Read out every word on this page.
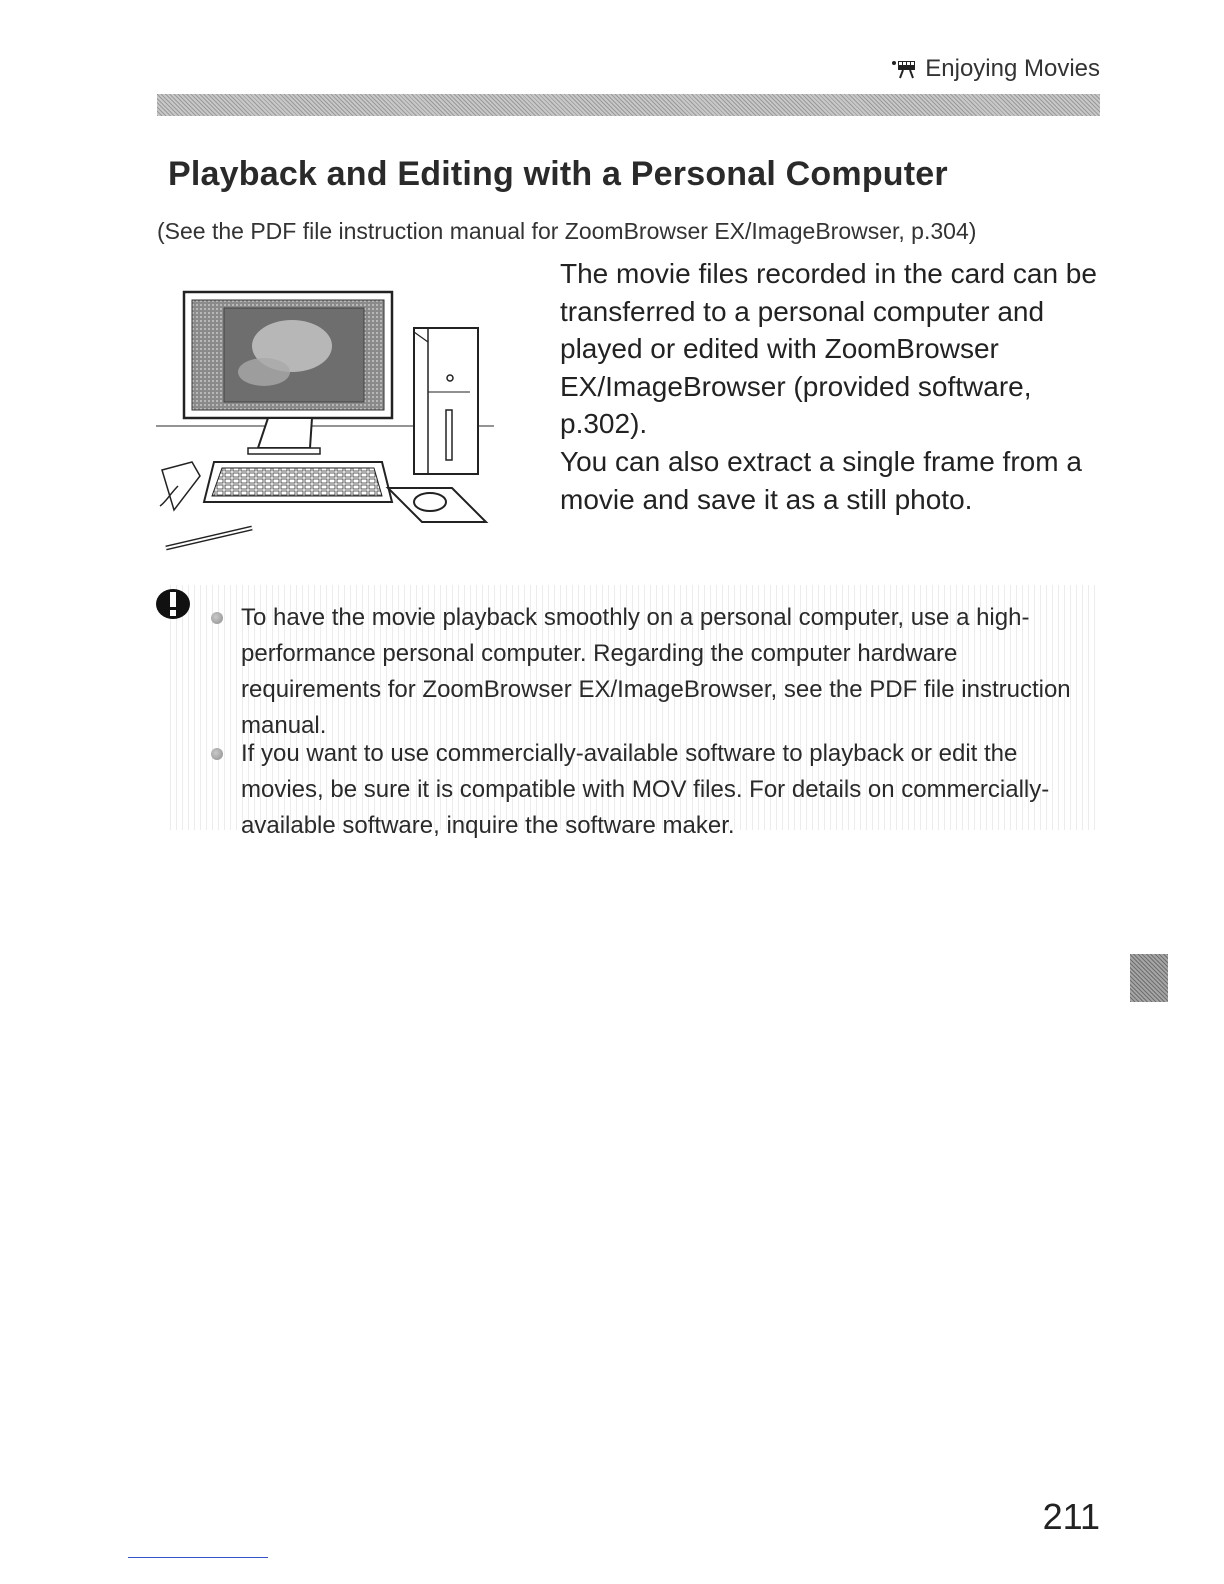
Enjoying Movies
Playback and Editing with a Personal Computer

(See the PDF file instruction manual for ZoomBrowser EX/ImageBrowser, p.304)

The movie files recorded in the card can be transferred to a personal computer and played or edited with ZoomBrowser EX/ImageBrowser (provided software, p.302).

You can also extract a single frame from a movie and save it as a still photo.

To have the movie playback smoothly on a personal computer, use a high-performance personal computer. Regarding the computer hardware requirements for ZoomBrowser EX/ImageBrowser, see the PDF file instruction manual.
If you want to use commercially-available software to playback or edit the movies, be sure it is compatible with MOV files. For details on commercially-available software, inquire the software maker.
211
